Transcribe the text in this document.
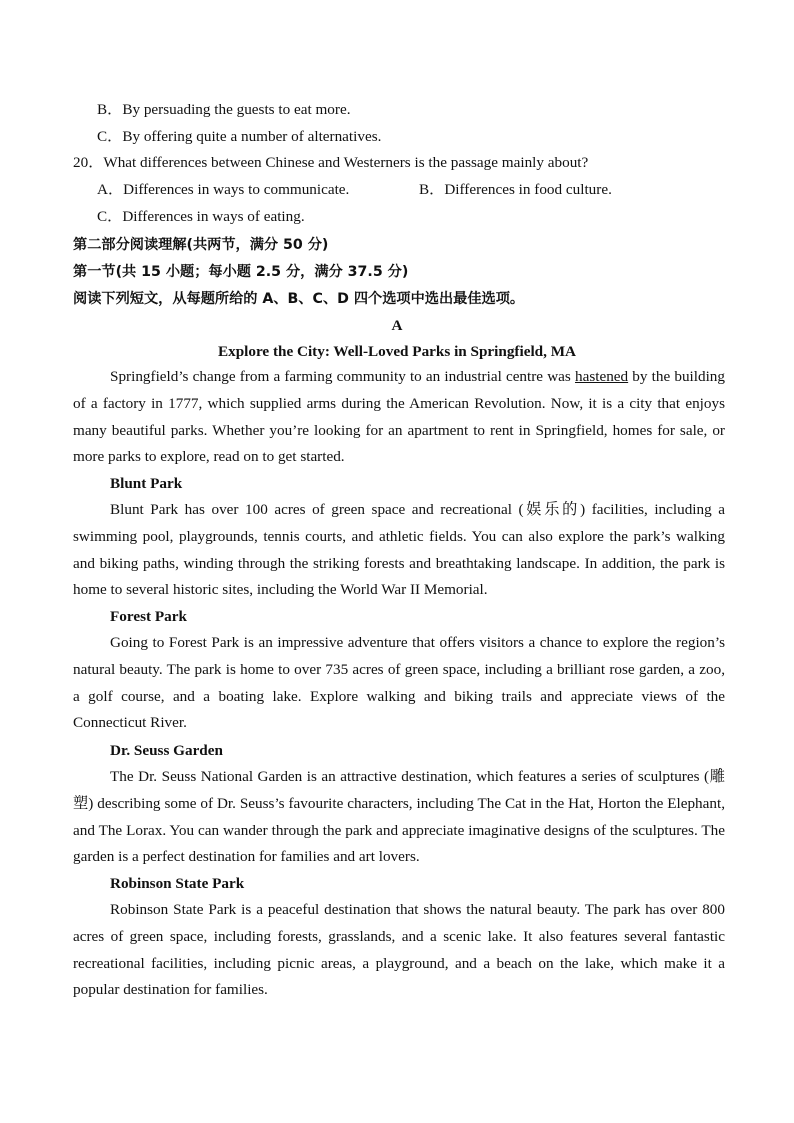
B．By persuading the guests to eat more.
C．By offering quite a number of alternatives.
20．What differences between Chinese and Westerners is the passage mainly about?
A．Differences in ways to communicate.	B．Differences in food culture.
C．Differences in ways of eating.
第二部分阅读理解(共两节，满分 50 分)
第一节(共 15 小题；每小题 2.5 分，满分 37.5 分)
阅读下列短文，从每题所给的 A、B、C、D 四个选项中选出最佳选项。
A
Explore the City: Well-Loved Parks in Springfield, MA

Springfield’s change from a farming community to an industrial centre was hastened by the building of a factory in 1777, which supplied arms during the American Revolution. Now, it is a city that enjoys many beautiful parks. Whether you’re looking for an apartment to rent in Springfield, homes for sale, or more parks to explore, read on to get started.

Blunt Park

Blunt Park has over 100 acres of green space and recreational (娱乐的) facilities, including a swimming pool, playgrounds, tennis courts, and athletic fields. You can also explore the park’s walking and biking paths, winding through the striking forests and breathtaking landscape. In addition, the park is home to several historic sites, including the World War II Memorial.

Forest Park

Going to Forest Park is an impressive adventure that offers visitors a chance to explore the region’s natural beauty. The park is home to over 735 acres of green space, including a brilliant rose garden, a zoo, a golf course, and a boating lake. Explore walking and biking trails and appreciate views of the Connecticut River.

Dr. Seuss Garden

The Dr. Seuss National Garden is an attractive destination, which features a series of sculptures (雕塑) describing some of Dr. Seuss’s favourite characters, including The Cat in the Hat, Horton the Elephant, and The Lorax. You can wander through the park and appreciate imaginative designs of the sculptures. The garden is a perfect destination for families and art lovers.

Robinson State Park

Robinson State Park is a peaceful destination that shows the natural beauty. The park has over 800 acres of green space, including forests, grasslands, and a scenic lake. It also features several fantastic recreational facilities, including picnic areas, a playground, and a beach on the lake, which make it a popular destination for families.
